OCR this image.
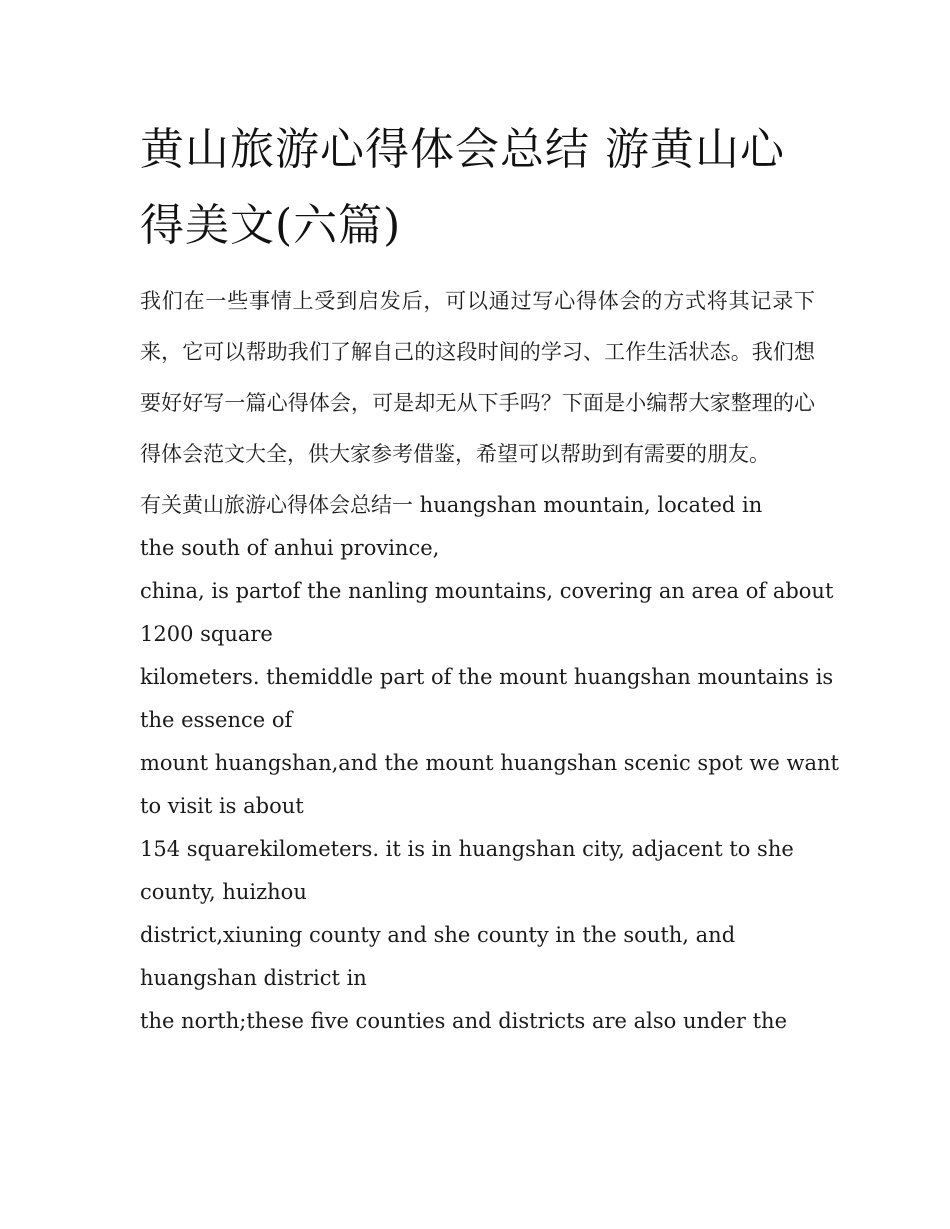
黄山旅游心得体会总结 游黄山心得美文(六篇)

我们在一些事情上受到启发后，可以通过写心得体会的方式将其记录下来，它可以帮助我们了解自己的这段时间的学习、工作生活状态。我们想要好好写一篇心得体会，可是却无从下手吗？下面是小编帮大家整理的心得体会范文大全，供大家参考借鉴，希望可以帮助到有需要的朋友。

有关黄山旅游心得体会总结一 huangshan mountain, located in
the south of anhui province,
china, is partof the nanling mountains, covering an area of about
1200 square
kilometers. themiddle part of the mount huangshan mountains is
the essence of
mount huangshan,and the mount huangshan scenic spot we want
to visit is about
154 squarekilometers. it is in huangshan city, adjacent to she
county, huizhou
district,xiuning county and she county in the south, and
huangshan district in
the north;these five counties and districts are also under the
